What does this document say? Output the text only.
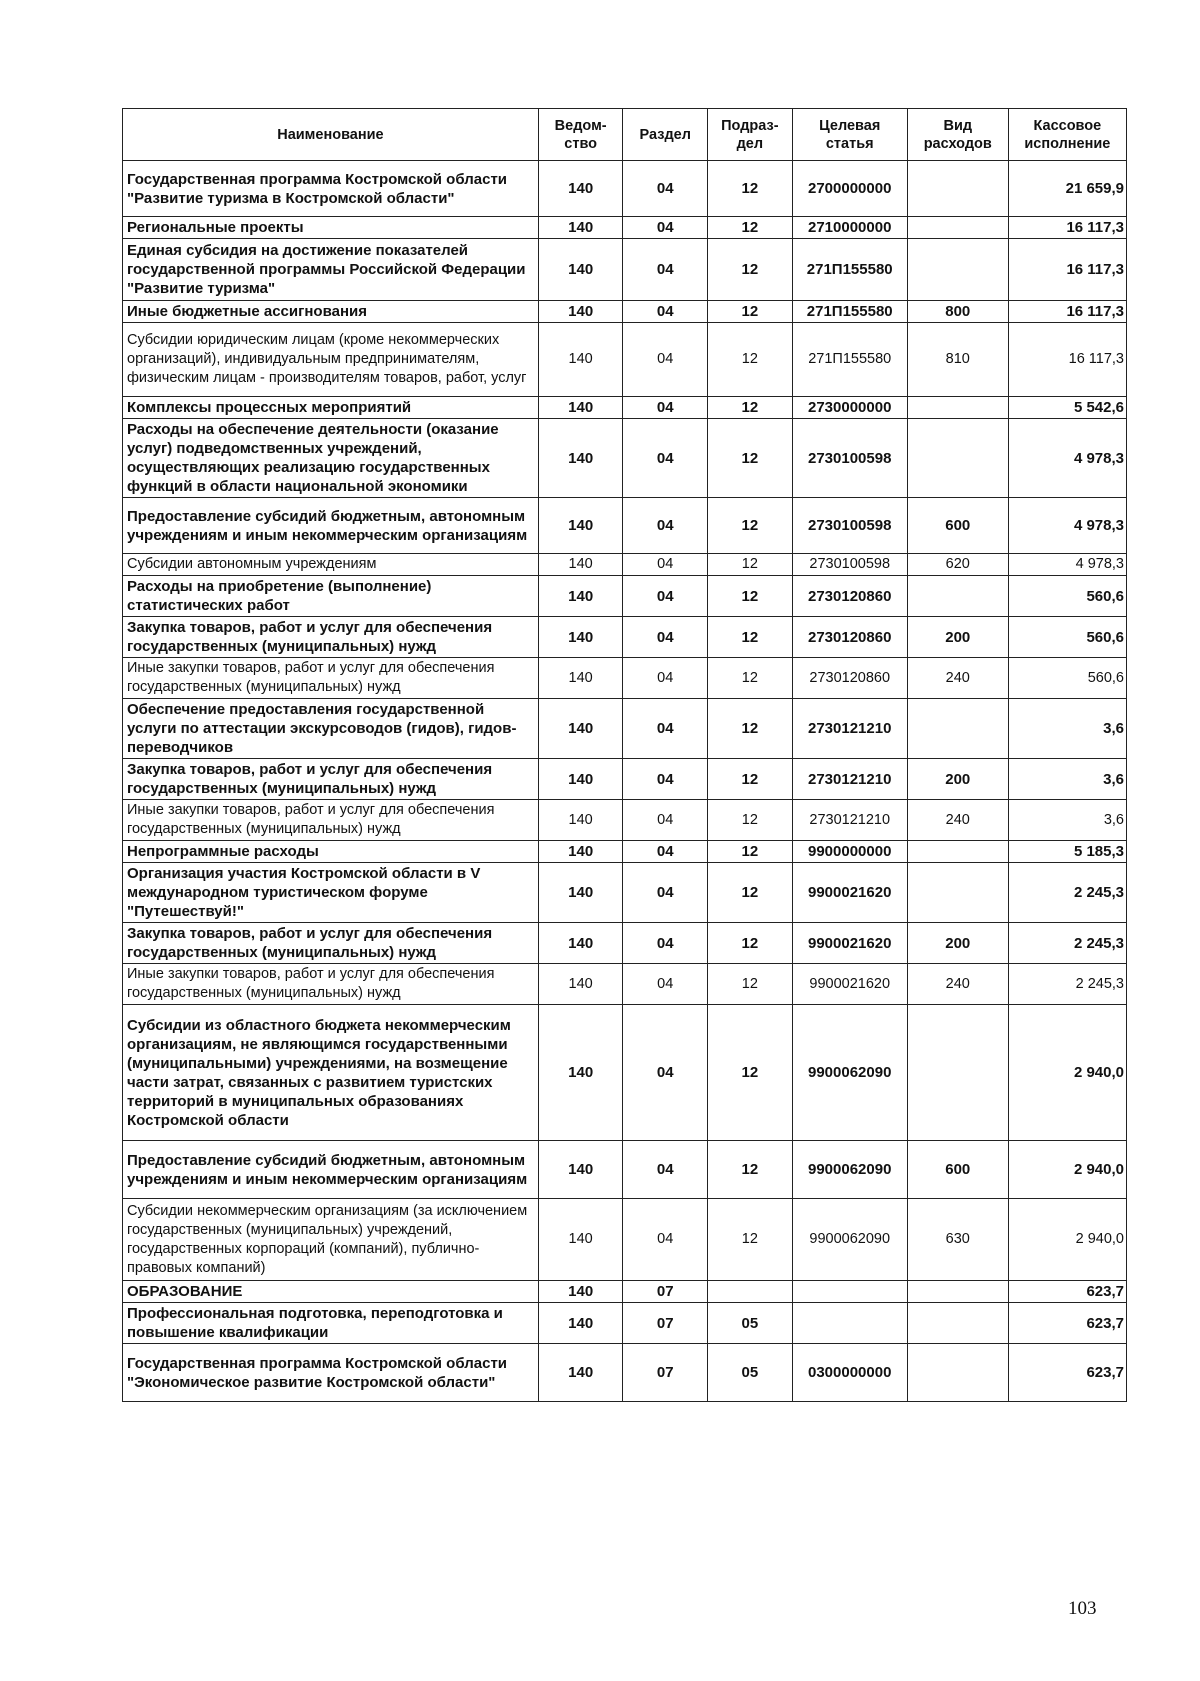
Наименование	Ведом-ство	Раздел	Подраз-дел	Целевая статья	Вид расходов	Кассовое исполнение
Государственная программа Костромской области "Развитие туризма в Костромской области"	140	04	12	2700000000		21 659,9
Региональные проекты	140	04	12	2710000000		16 117,3
Единая субсидия на достижение показателей государственной программы Российской Федерации "Развитие туризма"	140	04	12	271П155580		16 117,3
Иные бюджетные ассигнования	140	04	12	271П155580	800	16 117,3
Субсидии юридическим лицам (кроме некоммерческих организаций), индивидуальным предпринимателям, физическим лицам - производителям товаров, работ, услуг	140	04	12	271П155580	810	16 117,3
Комплексы процессных мероприятий	140	04	12	2730000000		5 542,6
Расходы на обеспечение деятельности (оказание услуг) подведомственных учреждений, осуществляющих реализацию государственных функций в области национальной экономики	140	04	12	2730100598		4 978,3
Предоставление субсидий бюджетным, автономным учреждениям и иным некоммерческим организациям	140	04	12	2730100598	600	4 978,3
Субсидии автономным учреждениям	140	04	12	2730100598	620	4 978,3
Расходы на приобретение (выполнение) статистических работ	140	04	12	2730120860		560,6
Закупка товаров, работ и услуг для обеспечения государственных (муниципальных) нужд	140	04	12	2730120860	200	560,6
Иные закупки товаров, работ и услуг для обеспечения государственных (муниципальных) нужд	140	04	12	2730120860	240	560,6
Обеспечение предоставления государственной услуги по аттестации экскурсоводов (гидов), гидов-переводчиков	140	04	12	2730121210		3,6
Закупка товаров, работ и услуг для обеспечения государственных (муниципальных) нужд	140	04	12	2730121210	200	3,6
Иные закупки товаров, работ и услуг для обеспечения государственных (муниципальных) нужд	140	04	12	2730121210	240	3,6
Непрограммные расходы	140	04	12	9900000000		5 185,3
Организация участия Костромской области в V международном туристическом форуме "Путешествуй!"	140	04	12	9900021620		2 245,3
Закупка товаров, работ и услуг для обеспечения государственных (муниципальных) нужд	140	04	12	9900021620	200	2 245,3
Иные закупки товаров, работ и услуг для обеспечения государственных (муниципальных) нужд	140	04	12	9900021620	240	2 245,3
Субсидии из областного бюджета некоммерческим организациям, не являющимся государственными (муниципальными) учреждениями, на возмещение части затрат, связанных с развитием туристских территорий в муниципальных образованиях Костромской области	140	04	12	9900062090		2 940,0
Предоставление субсидий бюджетным, автономным учреждениям и иным некоммерческим организациям	140	04	12	9900062090	600	2 940,0
Субсидии некоммерческим организациям (за исключением государственных (муниципальных) учреждений, государственных корпораций (компаний), публично-правовых компаний)	140	04	12	9900062090	630	2 940,0
ОБРАЗОВАНИЕ	140	07				623,7
Профессиональная подготовка, переподготовка и повышение квалификации	140	07	05			623,7
Государственная программа Костромской области "Экономическое развитие Костромской области"	140	07	05	0300000000		623,7
103
